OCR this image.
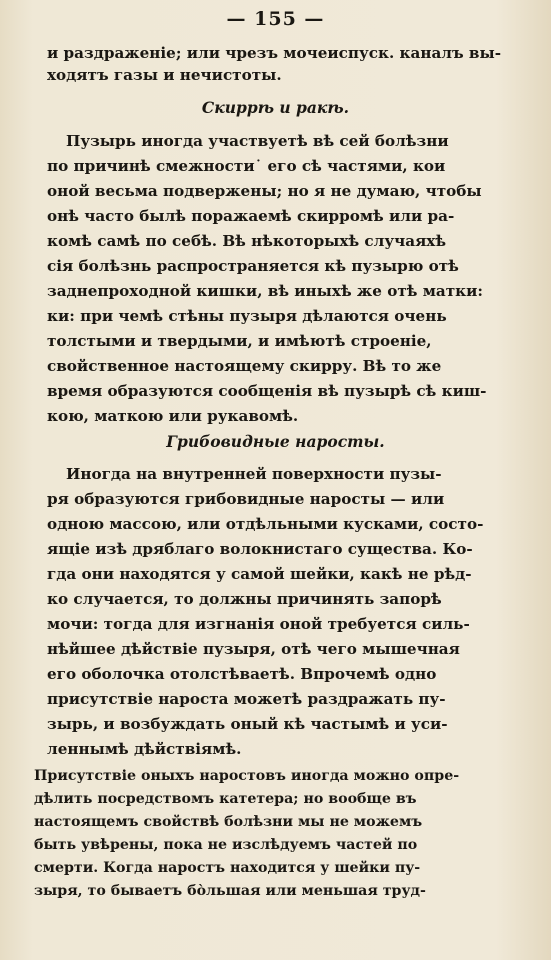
— 155 —
и раздраженіе; или чрезъ мочеиспуск. каналъ вы-
ходятъ газы и нечистоты.
Скиррѣ и ракѣ.
Пузырь иногда участвуетѣ вѣ сей болѣзни
по причинѣ смежности˙ его сѣ частями, кои
оной весьма подвержены; но я не думаю, чтобы
онѣ часто былѣ поражаемѣ скирромѣ или ра-
комѣ самѣ по себѣ. Вѣ нѣкоторыхѣ случаяхѣ
сія болѣзнь распространяется кѣ пузырю отѣ
заднепроходной кишки, вѣ иныхѣ же отѣ матки:
ки: при чемѣ стѣны пузыря дѣлаются очень
толстыми и твердыми, и имѣютѣ строеніе,
свойственное настоящему скирру. Вѣ то же
время образуются сообщенія вѣ пузырѣ сѣ киш-
кою, маткою или рукавомѣ.
Грибовидные наросты.
Иногда на внутренней поверхности пузы-
ря образуются грибовидные наросты — или
одною массою, или отдѣльными кусками, состо-
ящіе изѣ дряблаго волокнистаго существа. Ко-
гда они находятся у самой шейки, какѣ не рѣд-
ко случается, то должны причинять запорѣ
мочи: тогда для изгнанія оной требуется силь-
нѣйшее дѣйствіе пузыря, отѣ чего мышечная
его оболочка отолстѣваетѣ. Впрочемѣ одно
присутствіе нароста можетѣ раздражать пу-
зырь, и возбуждать оный кѣ частымѣ и уси-
леннымѣ дѣйствіямѣ.
Присутствіе оныхъ наростовъ иногда можно опре-
дѣлить посредствомъ катетера; но вообще въ
настоящемъ свойствѣ болѣзни мы не можемъ
быть увѣрены, пока не изслѣдуемъ частей по
смерти. Когда наростъ находится у шейки пу-
зыря, то бываетъ бо̀льшая или меньшая труд-
